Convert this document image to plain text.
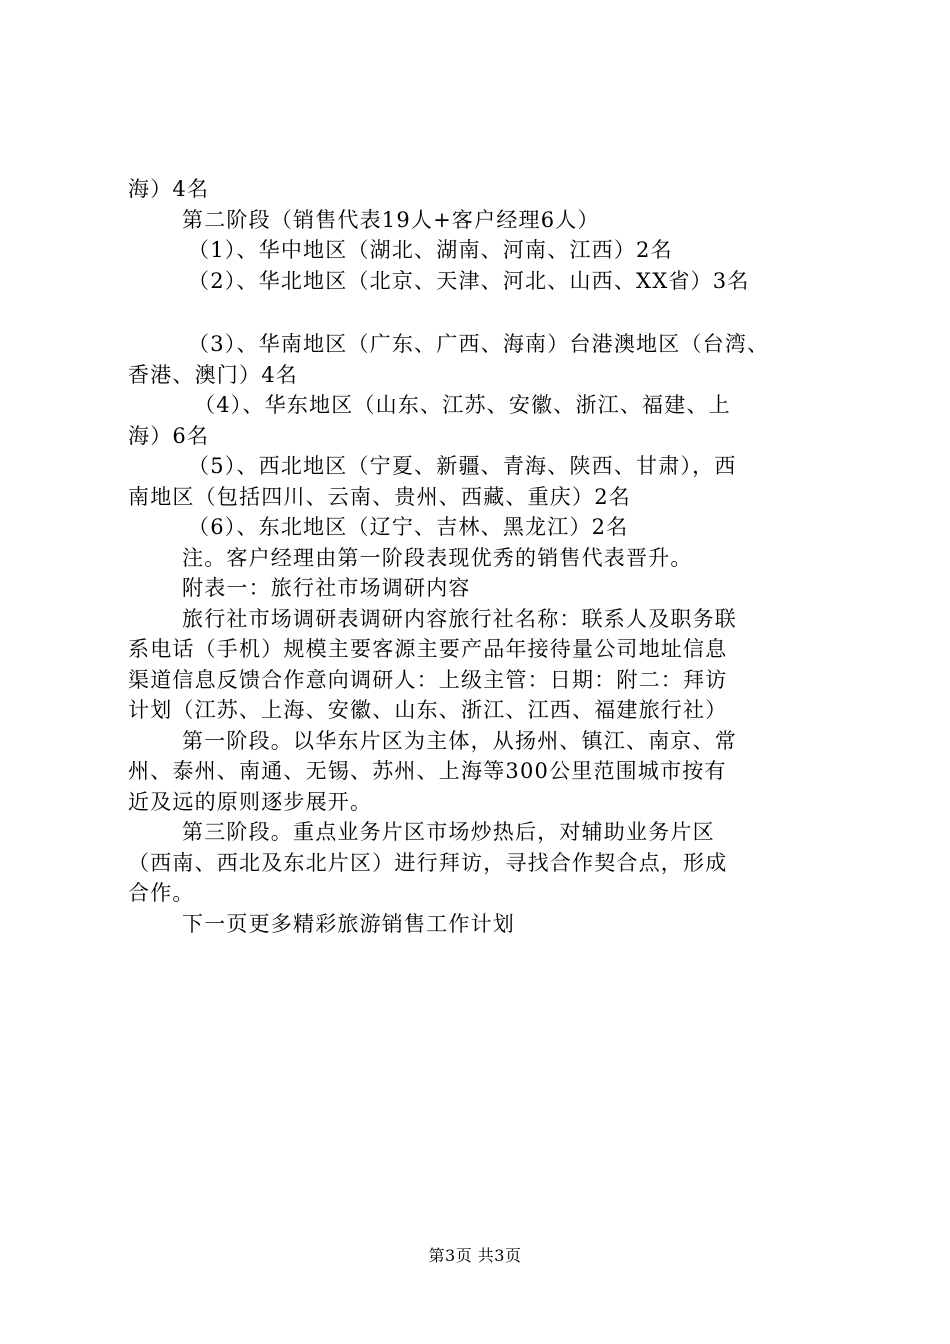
海）4名
第二阶段（销售代表19人+客户经理6人）
（1）、华中地区（湖北、湖南、河南、江西）2名
（2）、华北地区（北京、天津、河北、山西、XX省）3名
（3）、华南地区（广东、广西、海南）台港澳地区（台湾、
香港、澳门）4名
（4）、华东地区（山东、江苏、安徽、浙江、福建、上
海）6名
（5）、西北地区（宁夏、新疆、青海、陕西、甘肃），西
南地区（包括四川、云南、贵州、西藏、重庆）2名
（6）、东北地区（辽宁、吉林、黑龙江）2名
注。客户经理由第一阶段表现优秀的销售代表晋升。
附表一：旅行社市场调研内容
旅行社市场调研表调研内容旅行社名称：联系人及职务联
系电话（手机）规模主要客源主要产品年接待量公司地址信息
渠道信息反馈合作意向调研人：上级主管：日期：附二：拜访
计划（江苏、上海、安徽、山东、浙江、江西、福建旅行社）
第一阶段。以华东片区为主体，从扬州、镇江、南京、常
州、泰州、南通、无锡、苏州、上海等300公里范围城市按有
近及远的原则逐步展开。
第三阶段。重点业务片区市场炒热后，对辅助业务片区
（西南、西北及东北片区）进行拜访，寻找合作契合点，形成
合作。
下一页更多精彩旅游销售工作计划
第3页 共3页
